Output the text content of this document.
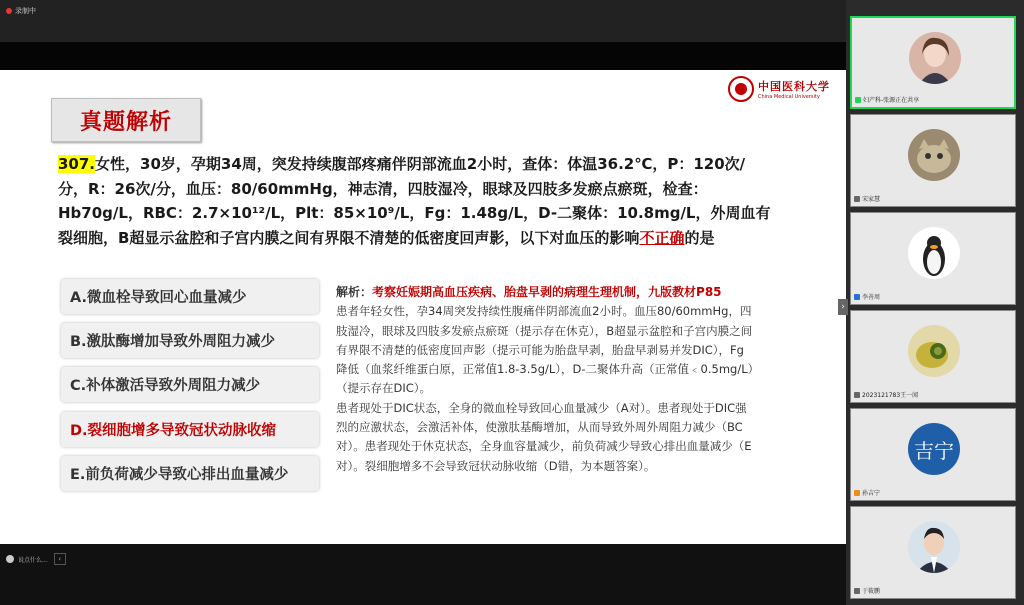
录制中
真题解析
中国医科大学
China Medical University
307.女性，30岁，孕期34周，突发持续腹部疼痛伴阴部流血2小时，查体：体温36.2℃，P：120次/
分，R：26次/分，血压：80/60mmHg，神志清，四肢湿冷，眼球及四肢多发瘀点瘀斑，检查：
Hb70g/L，RBC：2.7×10¹²/L，Plt：85×10⁹/L，Fg：1.48g/L，D-二聚体：10.8mg/L，外周血有
裂细胞，B超显示盆腔和子宫内膜之间有界限不清楚的低密度回声影，以下对血压的影响不正确的是
A.微血栓导致回心血量减少
B.激肽酶增加导致外周阻力减少
C.补体激活导致外周阻力减少
D.裂细胞增多导致冠状动脉收缩
E.前负荷减少导致心排出血量减少
解析：考察妊娠期高血压疾病、胎盘早剥的病理生理机制，九版教材P85
患者年轻女性，孕34周突发持续性腹痛伴阴部流血2小时。血压80/60mmHg，四
肢湿冷，眼球及四肢多发瘀点瘀斑（提示存在休克），B超显示盆腔和子宫内膜之间
有界限不清楚的低密度回声影（提示可能为胎盘早剥，胎盘早剥易并发DIC），Fg
降低（血浆纤维蛋白原，正常值1.8-3.5g/L），D-二聚体升高（正常值﹤0.5mg/L）
（提示存在DIC）。
患者现处于DIC状态，全身的微血栓导致回心血量减少（A对）。患者现处于DIC强
烈的应激状态，会激活补体，使激肽基酶增加，从而导致外周外周阻力减少（BC
对）。患者现处于休克状态，全身血容量减少，前负荷减少导致心排出血量减少（E
对）。裂细胞增多不会导致冠状动脉收缩（D错，为本题答案）。
说点什么...	‹
妇产科-张源正在共享
宋家慧
李善周
2023121783王一闻
吉宁
孙吉宁
于筱鹏
›
